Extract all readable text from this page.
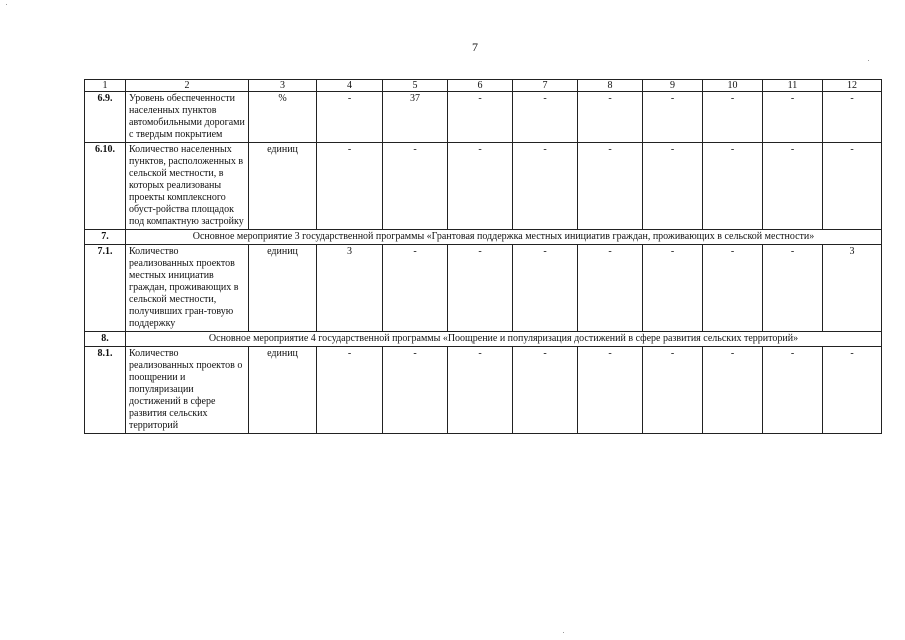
7
1	2	3	4	5	6	7	8	9	10	11	12
6.9.	Уровень обеспеченности населенных пунктов автомобильными дорогами с твердым покрытием	%	-	37	-	-	-	-	-	-	-
6.10.	Количество населенных пунктов, расположенных в сельской местности, в которых реализованы проекты комплексного обуст-ройства площадок под компактную застройку	единиц	-	-	-	-	-	-	-	-	-
7.	Основное мероприятие 3 государственной программы «Грантовая поддержка местных инициатив граждан, проживающих в сельской местности»										
7.1.	Количество реализованных проектов местных инициатив граждан, проживающих в сельской местности, получивших гран-товую поддержку	единиц	3	-	-	-	-	-	-	-	3
8.	Основное мероприятие 4 государственной программы «Поощрение и популяризация достижений в сфере развития сельских территорий»										
8.1.	Количество реализованных проектов о поощрении и популяризации достижений в сфере развития сельских территорий	единиц	-	-	-	-	-	-	-	-	-
